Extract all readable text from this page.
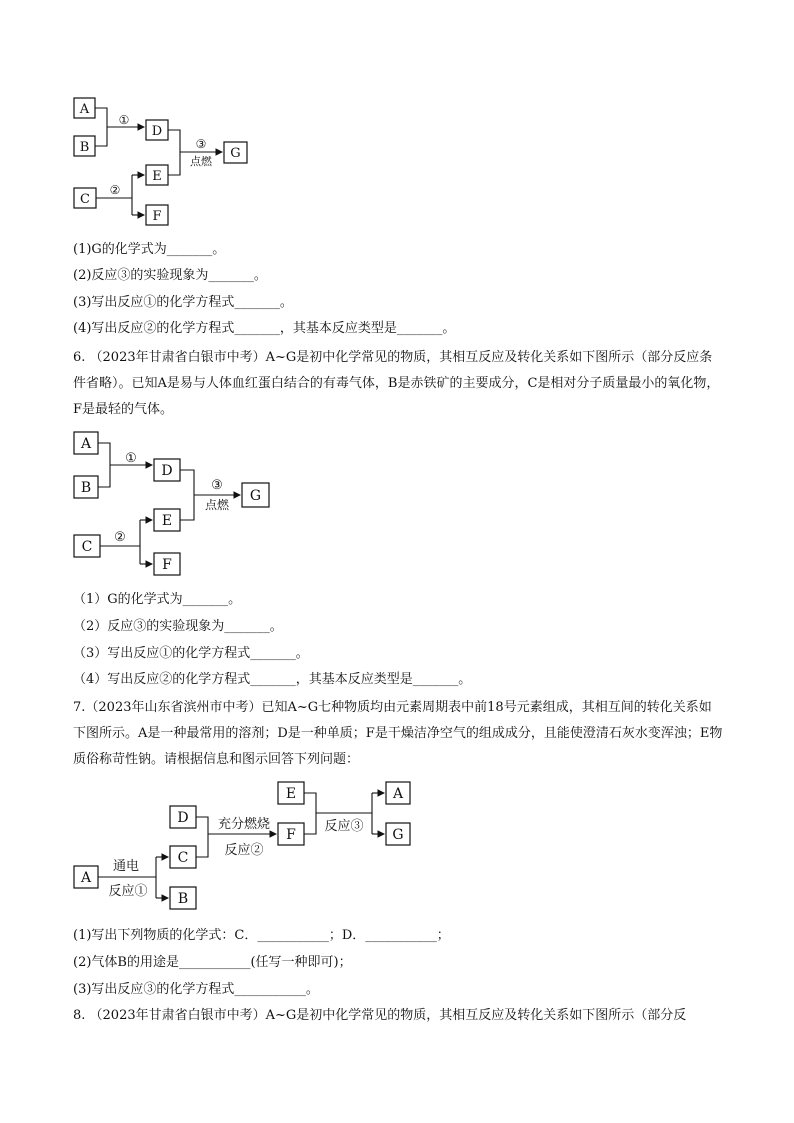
A
B
①
D
C
②
E
F
③
点燃
G
(1)G的化学式为_______。
(2)反应③的实验现象为_______。
(3)写出反应①的化学方程式_______。
(4)写出反应②的化学方程式_______，其基本反应类型是_______。
6. （2023年甘肃省白银市中考）A~G是初中化学常见的物质，其相互反应及转化关系如下图所示（部分反应条件省略）。已知A是易与人体血红蛋白结合的有毒气体，B是赤铁矿的主要成分，C是相对分子质量最小的氧化物，F是最轻的气体。
A
B
①
D
C
②
E
F
③
点燃
G
（1）G的化学式为_______。
（2）反应③的实验现象为_______。
（3）写出反应①的化学方程式_______。
（4）写出反应②的化学方程式_______，其基本反应类型是_______。
7.（2023年山东省滨州市中考）已知A~G七种物质均由元素周期表中前18号元素组成，其相互间的转化关系如下图所示。A是一种最常用的溶剂；D是一种单质；F是干燥洁净空气的组成成分，且能使澄清石灰水变浑浊；E物质俗称苛性钠。请根据信息和图示回答下列问题：
A
通电
反应①
C
B
D 充分燃烧
反应②
E
F
反应③
A
G
(1)写出下列物质的化学式：C．___________；D．___________；
(2)气体B的用途是___________(任写一种即可)；
(3)写出反应③的化学方程式___________。
8. （2023年甘肃省白银市中考）A~G是初中化学常见的物质，其相互反应及转化关系如下图所示（部分反
